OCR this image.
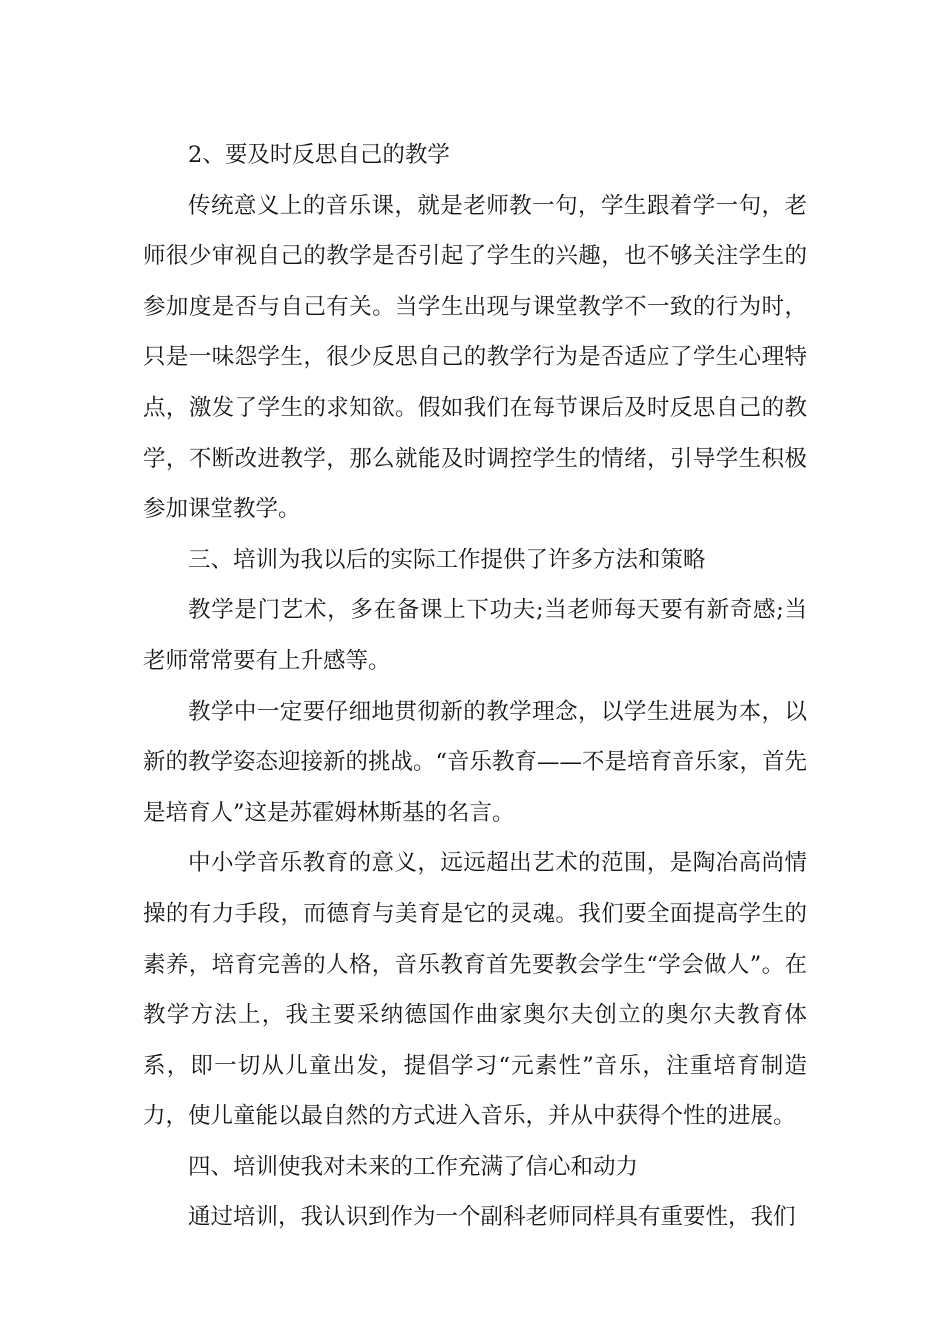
2、要及时反思自己的教学

传统意义上的音乐课，就是老师教一句，学生跟着学一句，老师很少审视自己的教学是否引起了学生的兴趣，也不够关注学生的参加度是否与自己有关。当学生出现与课堂教学不一致的行为时，只是一味怨学生，很少反思自己的教学行为是否适应了学生心理特点，激发了学生的求知欲。假如我们在每节课后及时反思自己的教学，不断改进教学，那么就能及时调控学生的情绪，引导学生积极参加课堂教学。

三、培训为我以后的实际工作提供了许多方法和策略

教学是门艺术，多在备课上下功夫;当老师每天要有新奇感;当老师常常要有上升感等。

教学中一定要仔细地贯彻新的教学理念，以学生进展为本，以新的教学姿态迎接新的挑战。“音乐教育——不是培育音乐家，首先是培育人”这是苏霍姆林斯基的名言。

中小学音乐教育的意义，远远超出艺术的范围，是陶冶高尚情操的有力手段，而德育与美育是它的灵魂。我们要全面提高学生的素养，培育完善的人格，音乐教育首先要教会学生“学会做人”。在教学方法上，我主要采纳德国作曲家奥尔夫创立的奥尔夫教育体系，即一切从儿童出发，提倡学习“元素性”音乐，注重培育制造力，使儿童能以最自然的方式进入音乐，并从中获得个性的进展。

四、培训使我对未来的工作充满了信心和动力

通过培训，我认识到作为一个副科老师同样具有重要性，我们
